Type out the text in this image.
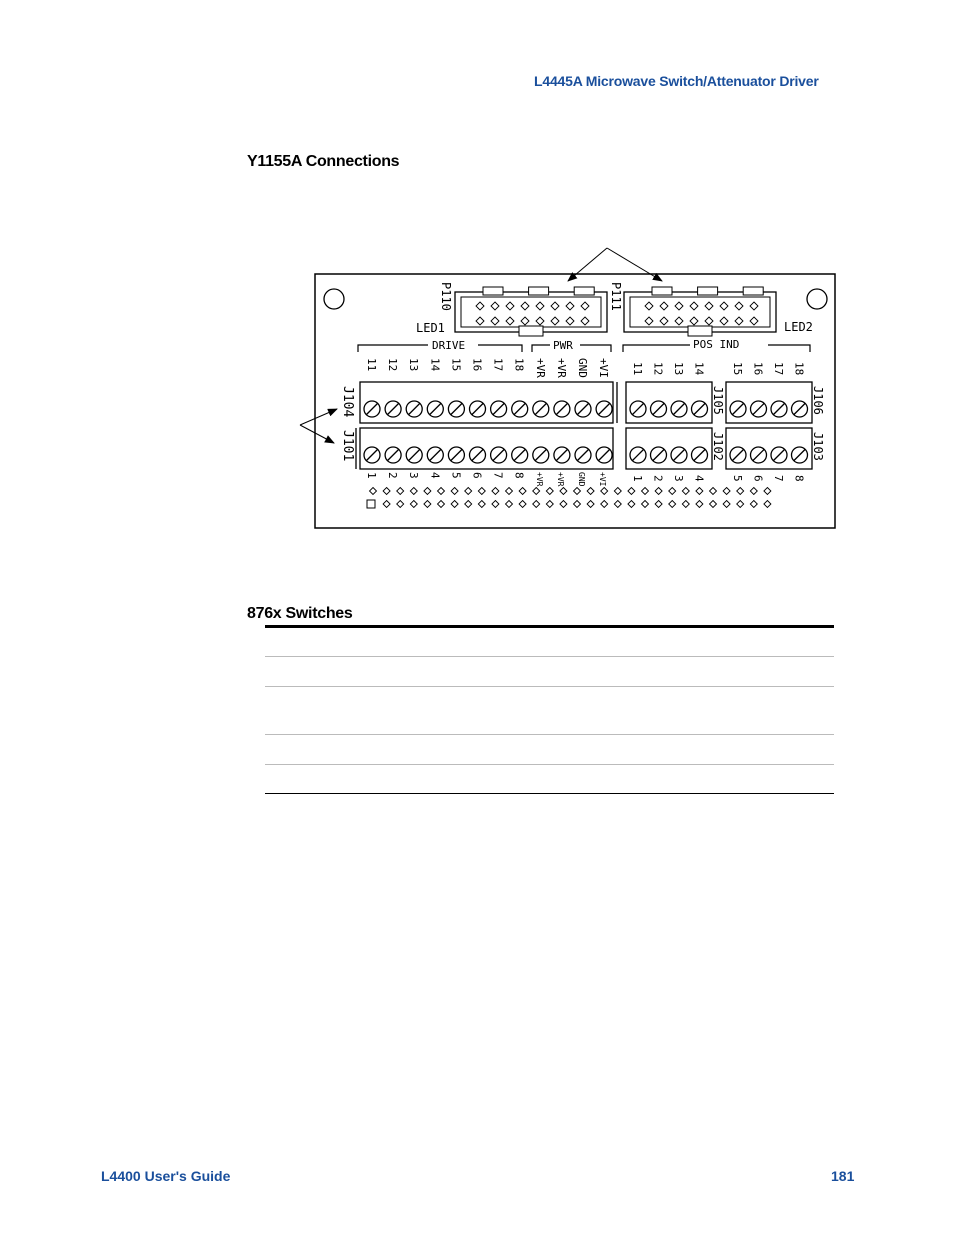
L4445A Microwave Switch/Attenuator Driver
Y1155A Connections
P110	P111
LED1	LED2
DRIVE	PWR	POS IND
J104
J101
J105	J106
J102	J103
11 12 13 14 15 16 17 18 +VR +VR GND +VI 11 12 13 14 15 16 17 18
1 2 3 4 5 6 7 8 +VR +VR GND +VI 1 2 3 4 5 6 7 8
876x Switches
L4400 User's Guide	181
